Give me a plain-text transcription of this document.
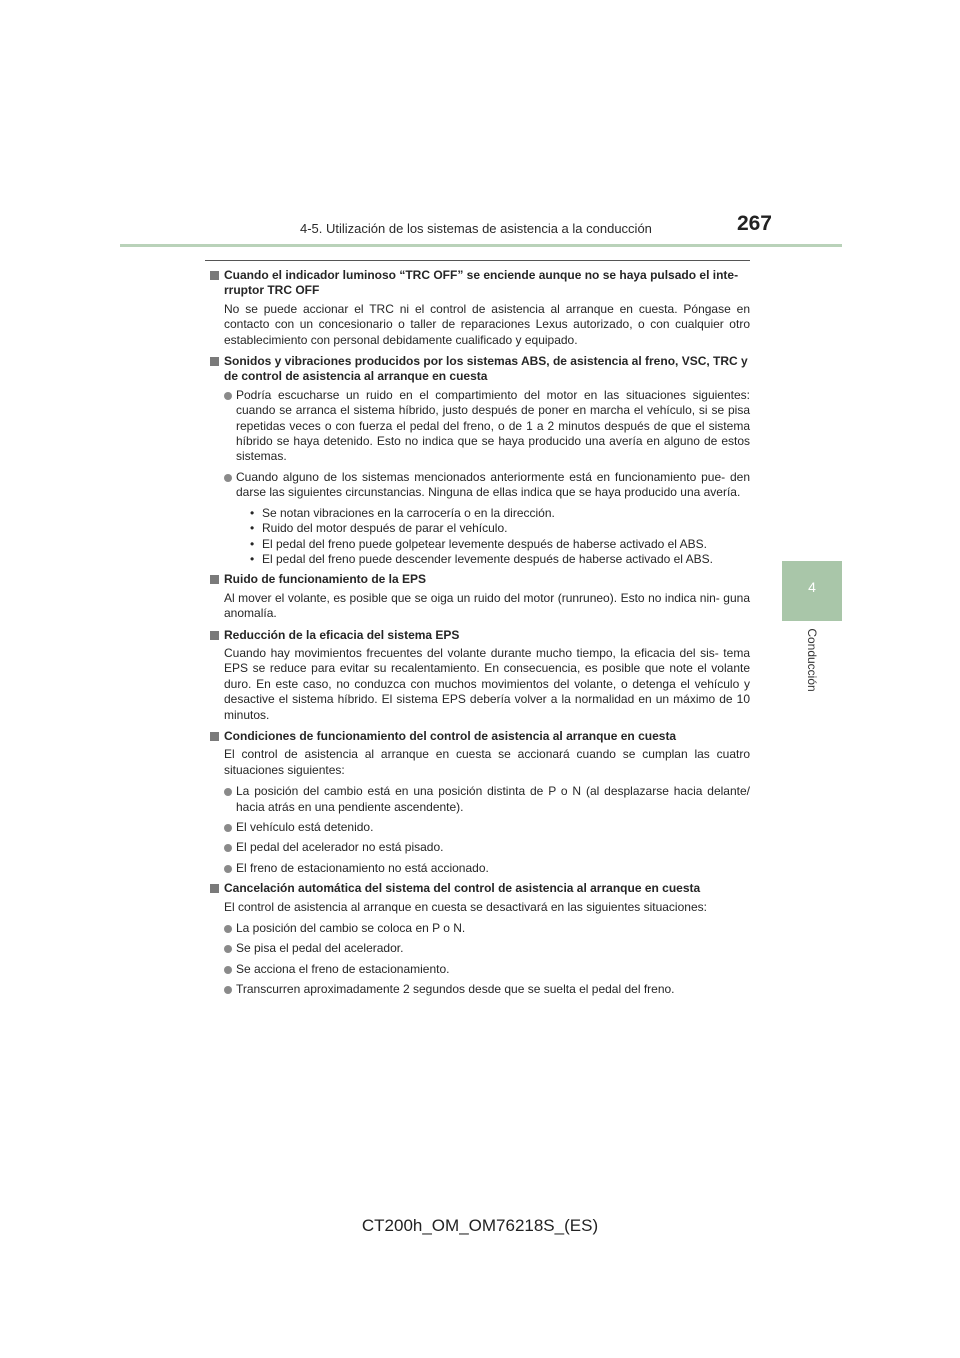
4-5. Utilización de los sistemas de asistencia a la conducción	267
4
Conducción
Cuando el indicador luminoso “TRC OFF” se enciende aunque no se haya pulsado el inte- rruptor TRC OFF
No se puede accionar el TRC ni el control de asistencia al arranque en cuesta. Póngase en contacto con un concesionario o taller de reparaciones Lexus autorizado, o con cualquier otro establecimiento con personal debidamente cualificado y equipado.
Sonidos y vibraciones producidos por los sistemas ABS, de asistencia al freno, VSC, TRC y de control de asistencia al arranque en cuesta
Podría escucharse un ruido en el compartimiento del motor en las situaciones siguientes: cuando se arranca el sistema híbrido, justo después de poner en marcha el vehículo, si se pisa repetidas veces o con fuerza el pedal del freno, o de 1 a 2 minutos después de que el sistema híbrido se haya detenido. Esto no indica que se haya producido una avería en alguno de estos sistemas.
Cuando alguno de los sistemas mencionados anteriormente está en funcionamiento pue- den darse las siguientes circunstancias. Ninguna de ellas indica que se haya producido una avería.
• Se notan vibraciones en la carrocería o en la dirección.
• Ruido del motor después de parar el vehículo.
• El pedal del freno puede golpetear levemente después de haberse activado el ABS.
• El pedal del freno puede descender levemente después de haberse activado el ABS.
Ruido de funcionamiento de la EPS
Al mover el volante, es posible que se oiga un ruido del motor (runruneo). Esto no indica nin- guna anomalía.
Reducción de la eficacia del sistema EPS
Cuando hay movimientos frecuentes del volante durante mucho tiempo, la eficacia del sis- tema EPS se reduce para evitar su recalentamiento. En consecuencia, es posible que note el volante duro. En este caso, no conduzca con muchos movimientos del volante, o detenga el vehículo y desactive el sistema híbrido. El sistema EPS debería volver a la normalidad en un máximo de 10 minutos.
Condiciones de funcionamiento del control de asistencia al arranque en cuesta
El control de asistencia al arranque en cuesta se accionará cuando se cumplan las cuatro situaciones siguientes:
La posición del cambio está en una posición distinta de P o N (al desplazarse hacia delante/ hacia atrás en una pendiente ascendente).
El vehículo está detenido.
El pedal del acelerador no está pisado.
El freno de estacionamiento no está accionado.
Cancelación automática del sistema del control de asistencia al arranque en cuesta
El control de asistencia al arranque en cuesta se desactivará en las siguientes situaciones:
La posición del cambio se coloca en P o N.
Se pisa el pedal del acelerador.
Se acciona el freno de estacionamiento.
Transcurren aproximadamente 2 segundos desde que se suelta el pedal del freno.
CT200h_OM_OM76218S_(ES)
